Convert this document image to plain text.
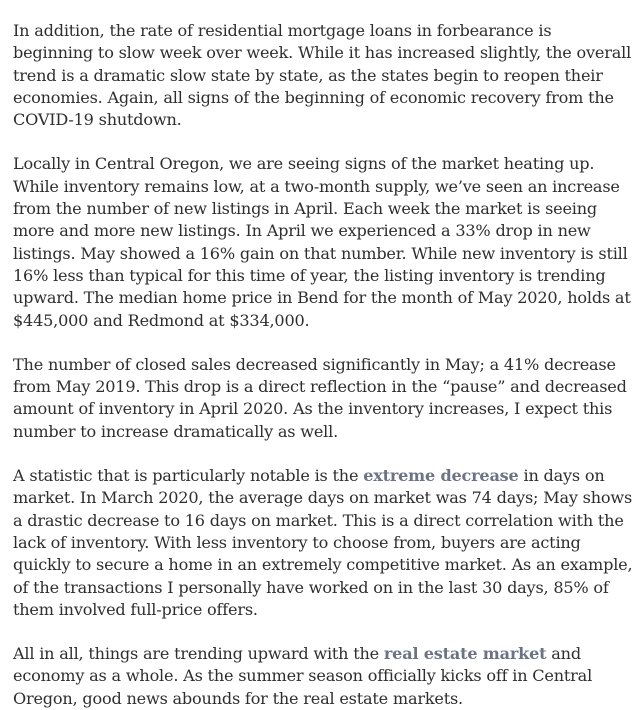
In addition, the rate of residential mortgage loans in forbearance is beginning to slow week over week. While it has increased slightly, the overall trend is a dramatic slow state by state, as the states begin to reopen their economies. Again, all signs of the beginning of economic recovery from the COVID-19 shutdown.

Locally in Central Oregon, we are seeing signs of the market heating up. While inventory remains low, at a two-month supply, we’ve seen an increase from the number of new listings in April. Each week the market is seeing more and more new listings. In April we experienced a 33% drop in new listings. May showed a 16% gain on that number. While new inventory is still 16% less than typical for this time of year, the listing inventory is trending upward. The median home price in Bend for the month of May 2020, holds at $445,000 and Redmond at $334,000.

The number of closed sales decreased significantly in May; a 41% decrease from May 2019. This drop is a direct reflection in the “pause” and decreased amount of inventory in April 2020. As the inventory increases, I expect this number to increase dramatically as well.

A statistic that is particularly notable is the extreme decrease in days on market. In March 2020, the average days on market was 74 days; May shows a drastic decrease to 16 days on market. This is a direct correlation with the lack of inventory. With less inventory to choose from, buyers are acting quickly to secure a home in an extremely competitive market. As an example, of the transactions I personally have worked on in the last 30 days, 85% of them involved full-price offers.

All in all, things are trending upward with the real estate market and economy as a whole. As the summer season officially kicks off in Central Oregon, good news abounds for the real estate markets.
